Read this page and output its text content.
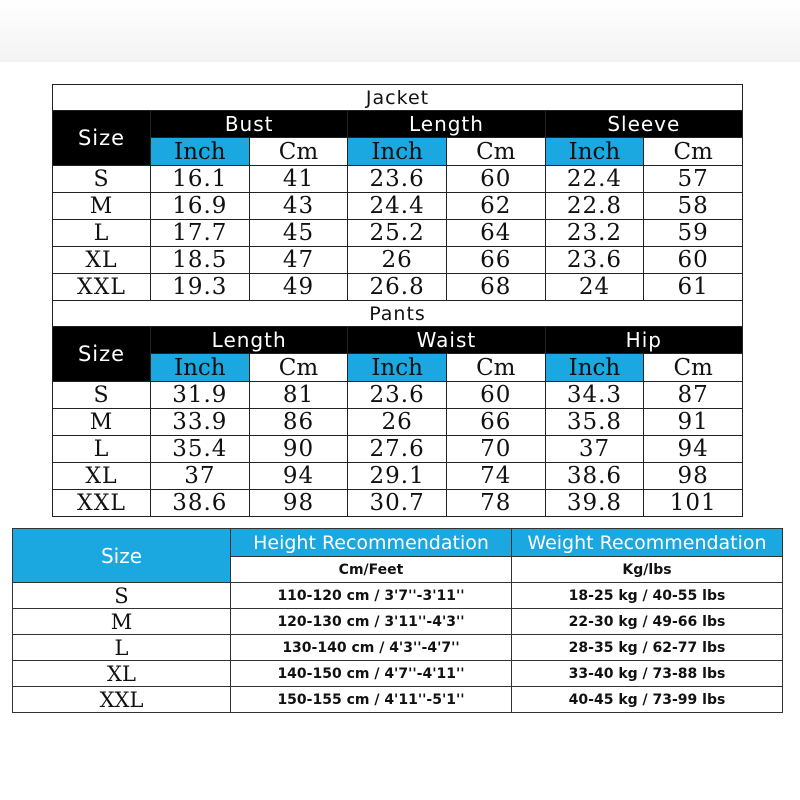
Jacket						
Size	Bust		Length		Sleeve	
	Inch	Cm	Inch	Cm	Inch	Cm
S	16.1	41	23.6	60	22.4	57
M	16.9	43	24.4	62	22.8	58
L	17.7	45	25.2	64	23.2	59
XL	18.5	47	26	66	23.6	60
XXL	19.3	49	26.8	68	24	61
Pants						
Size	Length		Waist		Hip	
	Inch	Cm	Inch	Cm	Inch	Cm
S	31.9	81	23.6	60	34.3	87
M	33.9	86	26	66	35.8	91
L	35.4	90	27.6	70	37	94
XL	37	94	29.1	74	38.6	98
XXL	38.6	98	30.7	78	39.8	101
Size	Height Recommendation	Weight Recommendation
	Cm/Feet	Kg/lbs
S	110-120 cm / 3'7''-3'11''	18-25 kg / 40-55 lbs
M	120-130 cm / 3'11''-4'3''	22-30 kg / 49-66 lbs
L	130-140 cm / 4'3''-4'7''	28-35 kg / 62-77 lbs
XL	140-150 cm / 4'7''-4'11''	33-40 kg / 73-88 lbs
XXL	150-155 cm / 4'11''-5'1''	40-45 kg / 73-99 lbs
